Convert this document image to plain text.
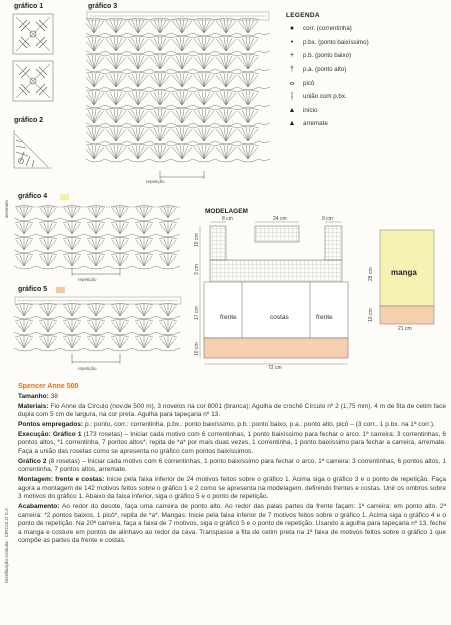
gráfico 1
gráfico 2
gráfico 3
repetição
LEGENDA
●	corr. (correntinha)
•	p.bx. (ponto baixíssimo)
+	p.b. (ponto baixo)
†	p.a. (ponto alto)
ⴰ	picô
⸽	união com p.bx.
▲	início
▲	arremate
gráfico 4
arremate
repetição
gráfico 5
repetição
MODELAGEM
8 cm	24 cm	9 cm
15 cm
3 cm
17 cm
10 cm
72 cm
frente	costas	frente
manga
28 cm
10 cm
21 cm

Spencer Anne 500

Tamanho: 38

Materiais: Fio Anne da Círculo (nov.de 500 m), 3 novelos na cor 8001 (branca); Agulha de crochê Círculo nº 2 (1,75 mm). 4 m de fita de cetim face dupla com 5 cm de largura, na cor preta. Agulha para tapeçaria nº 13.

Pontos empregados: p.: ponto, corr.: correntinha, p.bx.: ponto baixíssimo, p.b.: ponto baixo, p.a.: ponto alto, picô – (3 corr., 1 p.bx. na 1ª corr.).

Execução: Gráfico 1 (173 rosetas) – Iniciar cada motivo com 6 correntinhas, 1 ponto baixíssimo para fechar o arco. 1ª carreira: 3 correntinhas, 6 pontos altos, *1 correntinha, 7 pontos altos*, repita de *a* por mais duas vezes, 1 correntinha, 1 ponto baixíssimo para fechar a carreira, arremate. Faça a união das rosetas como se apresenta no gráfico com pontos baixíssimos.

Gráfico 2 (8 rosetas) – Iniciar cada motivo com 6 correntinhas, 1 ponto baixíssimo para fechar o arco. 1ª carreira: 3 correntinhas, 6 pontos altos, 1 correntinha, 7 pontos altos, arremate.

Montagem: frente e costas: Inicie pela faixa inferior de 24 motivos feitos sobre o gráfico 1. Acima siga o gráfico 3 e o ponto de repetição. Faça agora a montagem de 142 motivos feitos sobre o gráfico 1 e 2 como se apresenta na modelagem, definindo frentes e costas. Unir os ombros sobre 3 motivos do gráfico 1. Abaixo da faixa inferior, siga o gráfico 5 e o ponto de repetição.

Acabamento: Ao redor do decote, faça uma carreira de ponto alto. Ao redor das palas partes da frente façam: 1ª carreira: em ponto alto. 2ª carreira: *2 pontos baixos, 1 picô*, repita de *a*. Mangas: Inicie pela faixa inferior de 7 motivos feitos sobre o gráfico 1. Acima siga o gráfico 4 e o ponto de repetição. Na 20ª carreira, faça a faixa de 7 motivos, siga o gráfico 5 e o ponto de repetição. Usando a agulha para tapeçaria nº 13, feche a manga e costure em pontos de alinhavo ao redor da cava. Transpasse a fita de cetim preta na 1ª faixa de motivos feitos sobre o gráfico 1 que compõe as partes da frente e costas.

Distribuição Gratuita - CÍRCULO S.A
